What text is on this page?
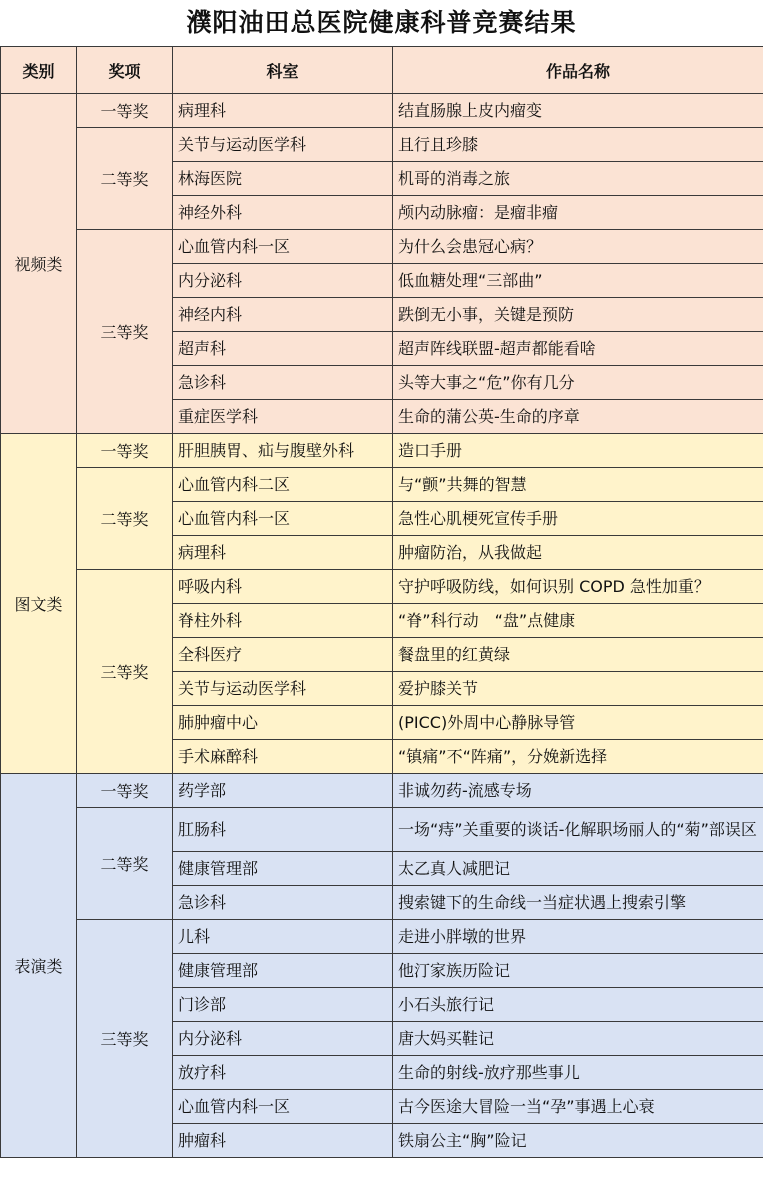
濮阳油田总医院健康科普竞赛结果
类别	奖项	科室	作品名称
视频类	一等奖	病理科	结直肠腺上皮内瘤变
	二等奖	关节与运动医学科	且行且珍膝
		林海医院	机哥的消毒之旅
		神经外科	颅内动脉瘤：是瘤非瘤
	三等奖	心血管内科一区	为什么会患冠心病？
		内分泌科	低血糖处理“三部曲”
		神经内科	跌倒无小事，关键是预防
		超声科	超声阵线联盟-超声都能看啥
		急诊科	头等大事之“危”你有几分
		重症医学科	生命的蒲公英-生命的序章
图文类	一等奖	肝胆胰胃、疝与腹壁外科	造口手册
	二等奖	心血管内科二区	与“颤”共舞的智慧
		心血管内科一区	急性心肌梗死宣传手册
		病理科	肿瘤防治，从我做起
	三等奖	呼吸内科	守护呼吸防线，如何识别 COPD 急性加重？
		脊柱外科	“脊”科行动　“盘”点健康
		全科医疗	餐盘里的红黄绿
		关节与运动医学科	爱护膝关节
		肺肿瘤中心	(PICC)外周中心静脉导管
		手术麻醉科	“镇痛”不“阵痛”，分娩新选择
表演类	一等奖	药学部	非诚勿药-流感专场
	二等奖	肛肠科	一场“痔”关重要的谈话-化解职场丽人的“菊”部误区
		健康管理部	太乙真人减肥记
		急诊科	搜索键下的生命线一当症状遇上搜索引擎
	三等奖	儿科	走进小胖墩的世界
		健康管理部	他汀家族历险记
		门诊部	小石头旅行记
		内分泌科	唐大妈买鞋记
		放疗科	生命的射线-放疗那些事儿
		心血管内科一区	古今医途大冒险一当“孕”事遇上心衰
		肿瘤科	铁扇公主“胸”险记
